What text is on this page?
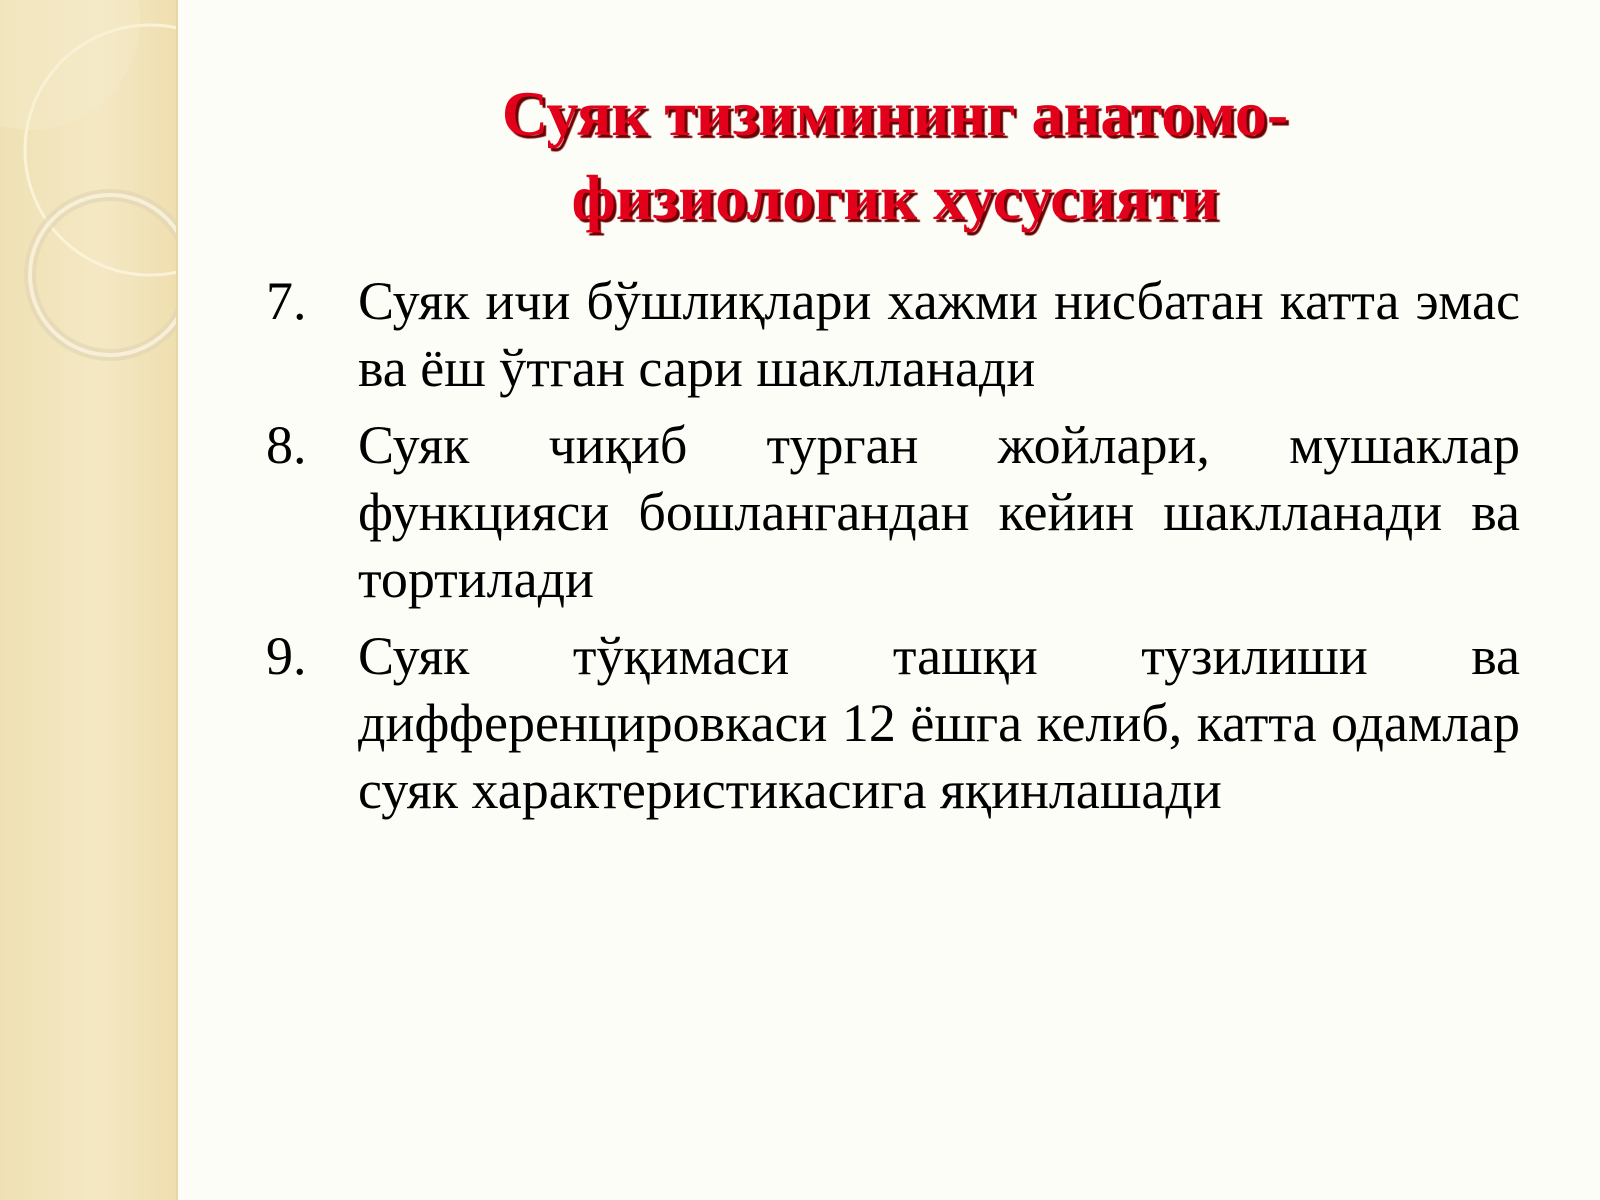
Суяк тизимининг анатомо-
физиологик хусусияти
7. Суяк ичи бўшлиқлари хажми нисбатан катта эмас ва ёш ўтган сари шаклланади
8. Суяк чиқиб турган жойлари, мушаклар функцияси бошлангандан кейин шаклланади ва тортилади
9. Суяк тўқимаси ташқи тузилиши ва дифференцировкаси 12 ёшга келиб, катта одамлар суяк характеристикасига яқинлашади
